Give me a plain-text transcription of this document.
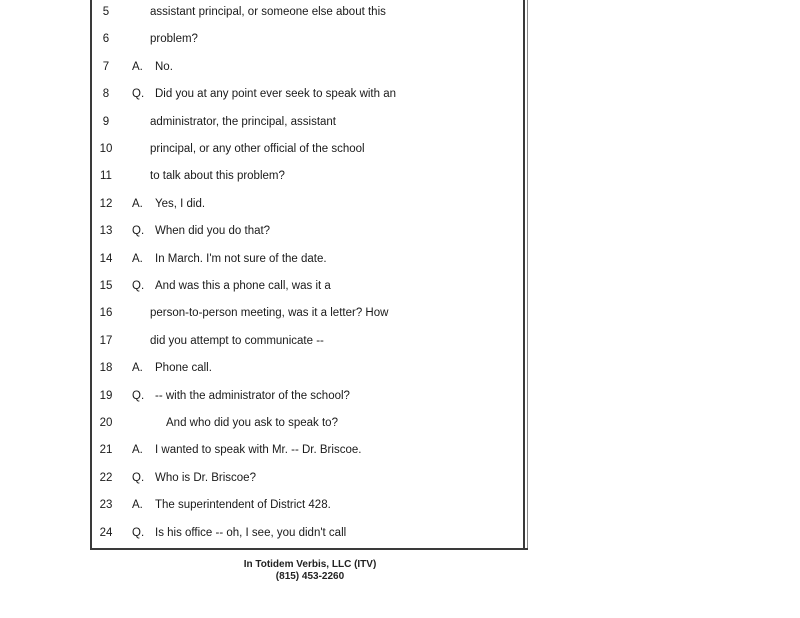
5	assistant principal, or someone else about this
6	problem?
7	A. No.
8	Q. Did you at any point ever seek to speak with an
9	administrator, the principal, assistant
10	principal, or any other official of the school
11	to talk about this problem?
12	A. Yes, I did.
13	Q. When did you do that?
14	A. In March. I'm not sure of the date.
15	Q. And was this a phone call, was it a
16	person-to-person meeting, was it a letter? How
17	did you attempt to communicate --
18	A. Phone call.
19	Q. -- with the administrator of the school?
20	And who did you ask to speak to?
21	A. I wanted to speak with Mr. -- Dr. Briscoe.
22	Q. Who is Dr. Briscoe?
23	A. The superintendent of District 428.
24	Q. Is his office -- oh, I see, you didn't call
In Totidem Verbis, LLC (ITV)
(815) 453-2260
